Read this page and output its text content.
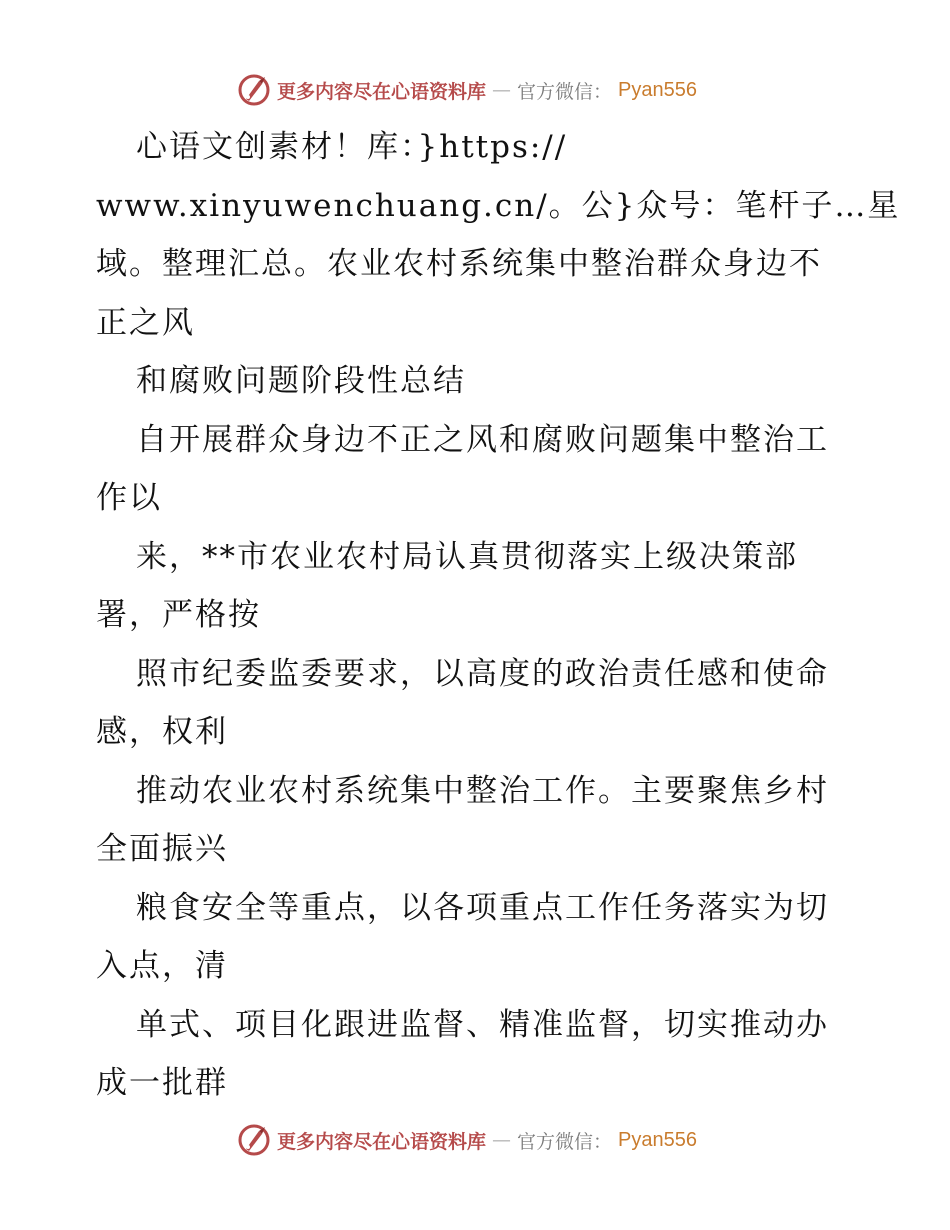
更多内容尽在心语资料库 — 官方微信： Pyan556
心语文创素材！库：}https://
www.xinyuwenchuang.cn/。公}众号：笔杆子…星
域。整理汇总。农业农村系统集中整治群众身边不
正之风
和腐败问题阶段性总结
自开展群众身边不正之风和腐败问题集中整治工
作以
来，**市农业农村局认真贯彻落实上级决策部
署，严格按
照市纪委监委要求，以高度的政治责任感和使命
感，权利
推动农业农村系统集中整治工作。主要聚焦乡村
全面振兴
粮食安全等重点，以各项重点工作任务落实为切
入点，清
单式、项目化跟进监督、精准监督，切实推动办
成一批群
更多内容尽在心语资料库 — 官方微信： Pyan556
